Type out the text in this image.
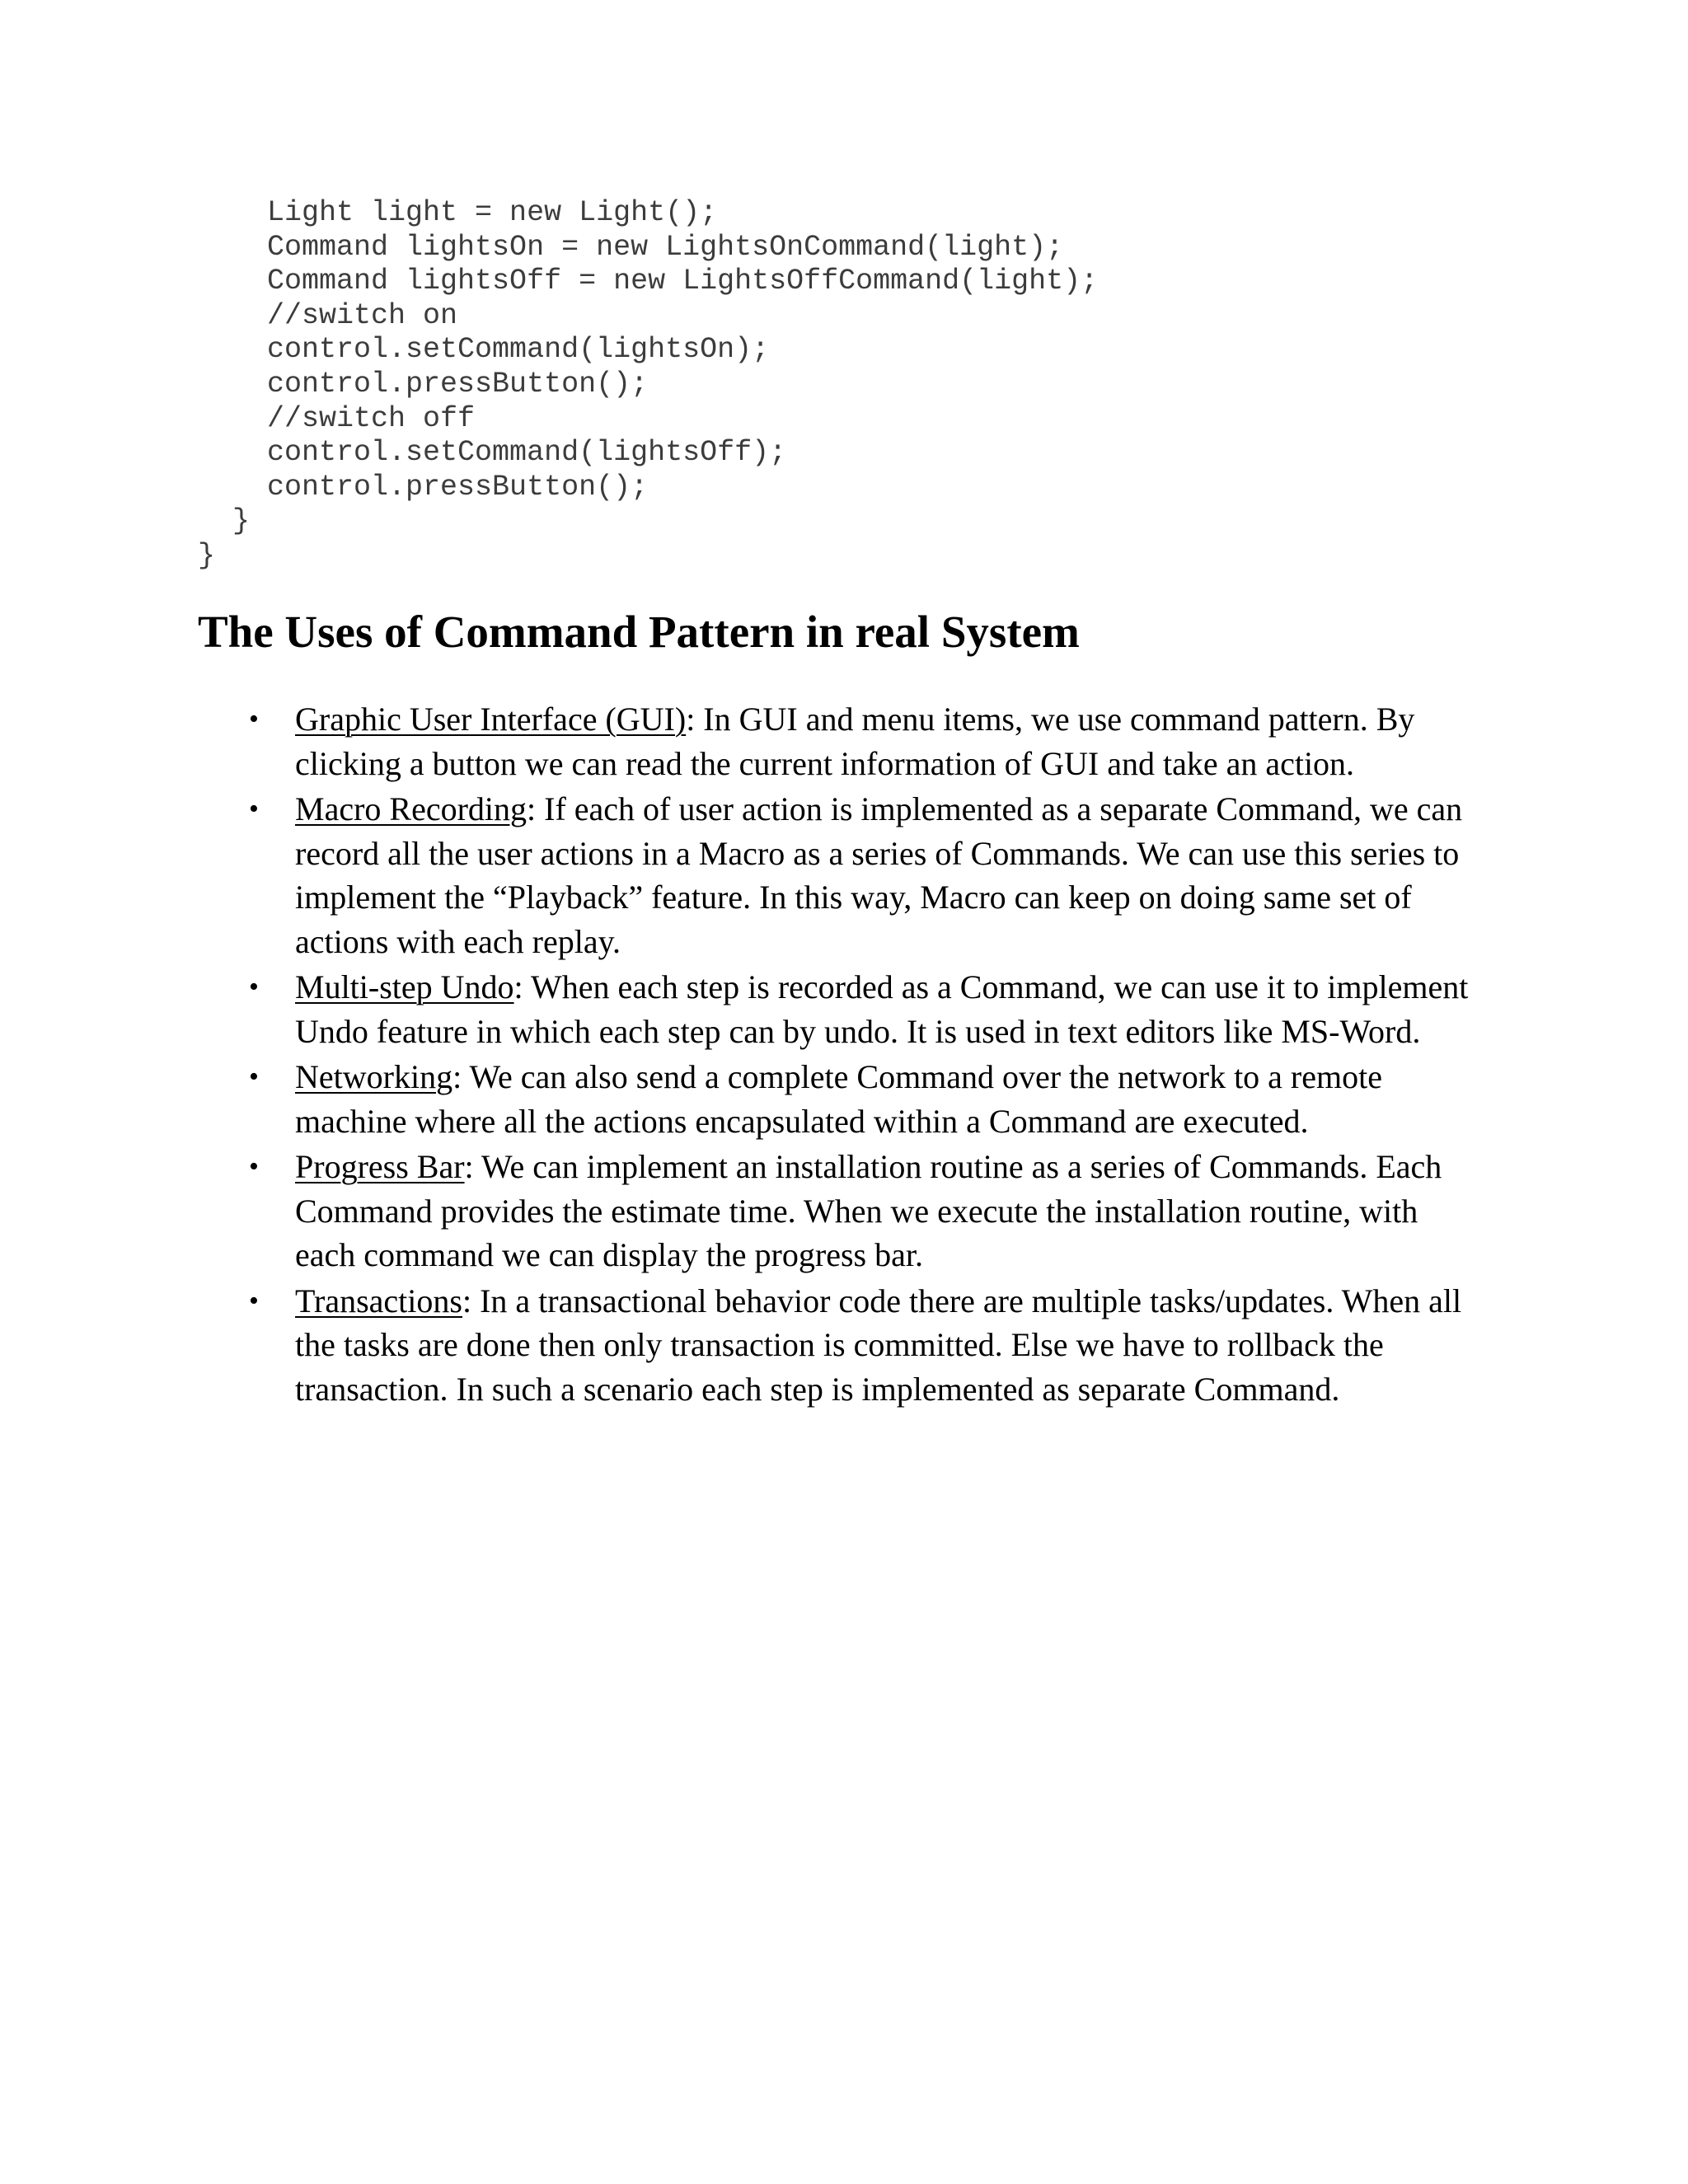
Light light = new Light();
Command lightsOn = new LightsOnCommand(light);
Command lightsOff = new LightsOffCommand(light);
//switch on
control.setCommand(lightsOn);
control.pressButton();
//switch off
control.setCommand(lightsOff);
control.pressButton();
}
}
The Uses of Command Pattern in real System
• Graphic User Interface (GUI): In GUI and menu items, we use command pattern. By clicking a button we can read the current information of GUI and take an action.
• Macro Recording: If each of user action is implemented as a separate Command, we can record all the user actions in a Macro as a series of Commands. We can use this series to implement the “Playback” feature. In this way, Macro can keep on doing same set of actions with each replay.
• Multi-step Undo: When each step is recorded as a Command, we can use it to implement Undo feature in which each step can by undo. It is used in text editors like MS-Word.
• Networking: We can also send a complete Command over the network to a remote machine where all the actions encapsulated within a Command are executed.
• Progress Bar: We can implement an installation routine as a series of Commands. Each Command provides the estimate time. When we execute the installation routine, with each command we can display the progress bar.
• Transactions: In a transactional behavior code there are multiple tasks/updates. When all the tasks are done then only transaction is committed. Else we have to rollback the transaction. In such a scenario each step is implemented as separate Command.
